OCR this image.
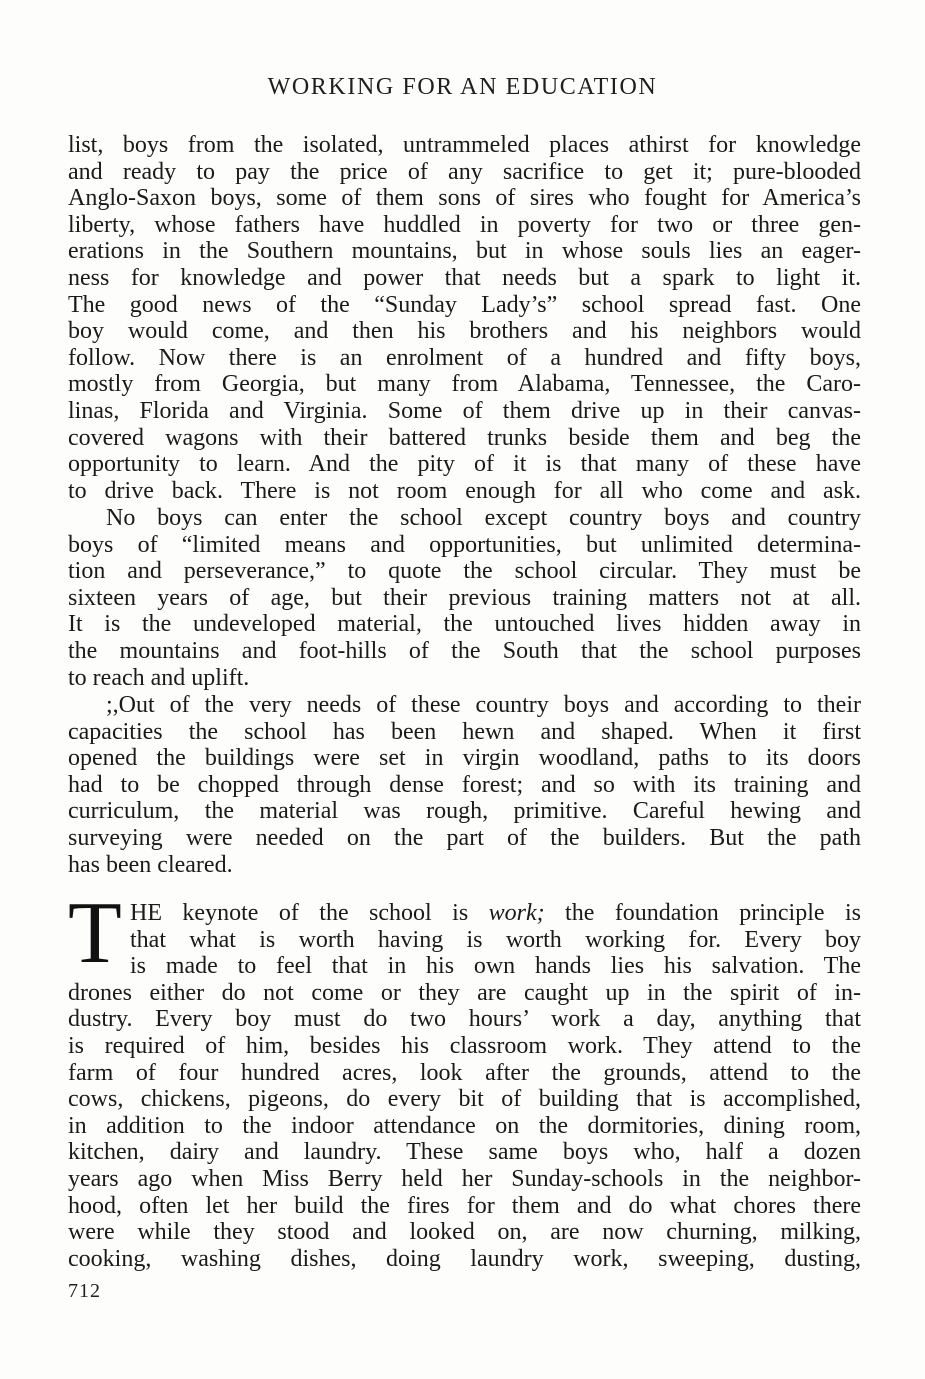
WORKING FOR AN EDUCATION
list, boys from the isolated, untrammeled places athirst for knowledge
and ready to pay the price of any sacrifice to get it; pure-blooded
Anglo-Saxon boys, some of them sons of sires who fought for America’s
liberty, whose fathers have huddled in poverty for two or three gen-
erations in the Southern mountains, but in whose souls lies an eager-
ness for knowledge and power that needs but a spark to light it.
The good news of the “Sunday Lady’s” school spread fast. One
boy would come, and then his brothers and his neighbors would
follow. Now there is an enrolment of a hundred and fifty boys,
mostly from Georgia, but many from Alabama, Tennessee, the Caro-
linas, Florida and Virginia. Some of them drive up in their canvas-
covered wagons with their battered trunks beside them and beg the
opportunity to learn. And the pity of it is that many of these have
to drive back. There is not room enough for all who come and ask.
No boys can enter the school except country boys and country
boys of “limited means and opportunities, but unlimited determina-
tion and perseverance,” to quote the school circular. They must be
sixteen years of age, but their previous training matters not at all.
It is the undeveloped material, the untouched lives hidden away in
the mountains and foot-hills of the South that the school purposes
to reach and uplift.
;,Out of the very needs of these country boys and according to their
capacities the school has been hewn and shaped. When it first
opened the buildings were set in virgin woodland, paths to its doors
had to be chopped through dense forest; and so with its training and
curriculum, the material was rough, primitive. Careful hewing and
surveying were needed on the part of the builders. But the path
has been cleared.
T HE keynote of the school is work; the foundation principle is
that what is worth having is worth working for. Every boy
is made to feel that in his own hands lies his salvation. The
drones either do not come or they are caught up in the spirit of in-
dustry. Every boy must do two hours’ work a day, anything that
is required of him, besides his classroom work. They attend to the
farm of four hundred acres, look after the grounds, attend to the
cows, chickens, pigeons, do every bit of building that is accomplished,
in addition to the indoor attendance on the dormitories, dining room,
kitchen, dairy and laundry. These same boys who, half a dozen
years ago when Miss Berry held her Sunday-schools in the neighbor-
hood, often let her build the fires for them and do what chores there
were while they stood and looked on, are now churning, milking,
cooking, washing dishes, doing laundry work, sweeping, dusting,
712
